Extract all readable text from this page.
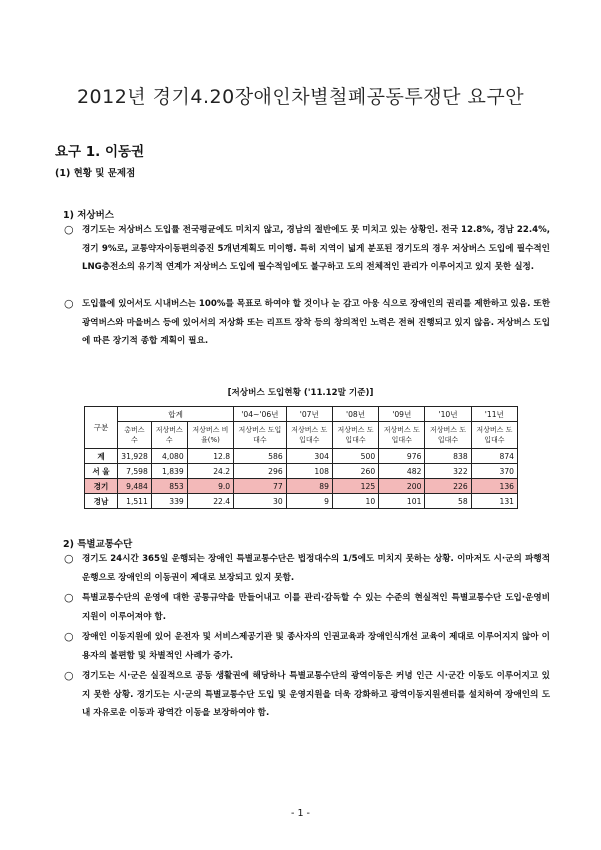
2012년 경기4.20장애인차별철폐공동투쟁단 요구안
요구 1. 이동권
(1) 현황 및 문제점
1) 저상버스
○ 경기도는 저상버스 도입률 전국평균에도 미치지 않고, 경남의 절반에도 못 미치고 있는 상황인. 전국 12.8%, 경남 22.4%, 경기 9%로, 교통약자이동편의증진 5개년계획도 미이행. 특히 지역이 넓게 분포된 경기도의 경우 저상버스 도입에 필수적인 LNG충전소의 유기적 연계가 저상버스 도입에 필수적임에도 불구하고 도의 전체적인 관리가 이루어지고 있지 못한 실정.
○ 도입률에 있어서도 시내버스는 100%를 목표로 하여야 할 것이나 눈 감고 아웅 식으로 장애인의 권리를 제한하고 있음. 또한 광역버스와 마을버스 등에 있어서의 저상화 또는 리프트 장착 등의 창의적인 노력은 전혀 진행되고 있지 않음. 저상버스 도입에 따른 장기적 종합 계획이 필요.
[저상버스 도입현황 ('11.12말 기준)]
구분	합계			'04~'06년	'07년	'08년	'09년	'10년	'11년
	총버스수	저상버스수	저상버스 비율(%)	저상버스 도입대수	저상버스 도입대수	저상버스 도입대수	저상버스 도입대수	저상버스 도입대수	저상버스 도입대수
계	31,928	4,080	12.8	586	304	500	976	838	874
서 울	7,598	1,839	24.2	296	108	260	482	322	370
경기	9,484	853	9.0	77	89	125	200	226	136
경남	1,511	339	22.4	30	9	10	101	58	131
2) 특별교통수단
○ 경기도 24시간 365일 운행되는 장애인 특별교통수단은 법정대수의 1/5에도 미치지 못하는 상황. 이마저도 시·군의 파행적 운행으로 장애인의 이동권이 제대로 보장되고 있지 못함.
○ 특별교통수단의 운영에 대한 공통규약을 만들어내고 이를 관리·감독할 수 있는 수준의 현실적인 특별교통수단 도입·운영비 지원이 이루어져야 함.
○ 장애인 이동지원에 있어 운전자 및 서비스제공기관 및 종사자의 인권교육과 장애인식개선 교육이 제대로 이루어지지 않아 이용자의 불편함 및 차별적인 사례가 증가.
○ 경기도는 시·군은 실질적으로 공동 생활권에 해당하나 특별교통수단의 광역이동은 커녕 인근 시·군간 이동도 이루어지고 있지 못한 상황. 경기도는 시·군의 특별교통수단 도입 및 운영지원을 더욱 강화하고 광역이동지원센터를 설치하여 장애인의 도내 자유로운 이동과 광역간 이동을 보장하여야 함.
- 1 -
